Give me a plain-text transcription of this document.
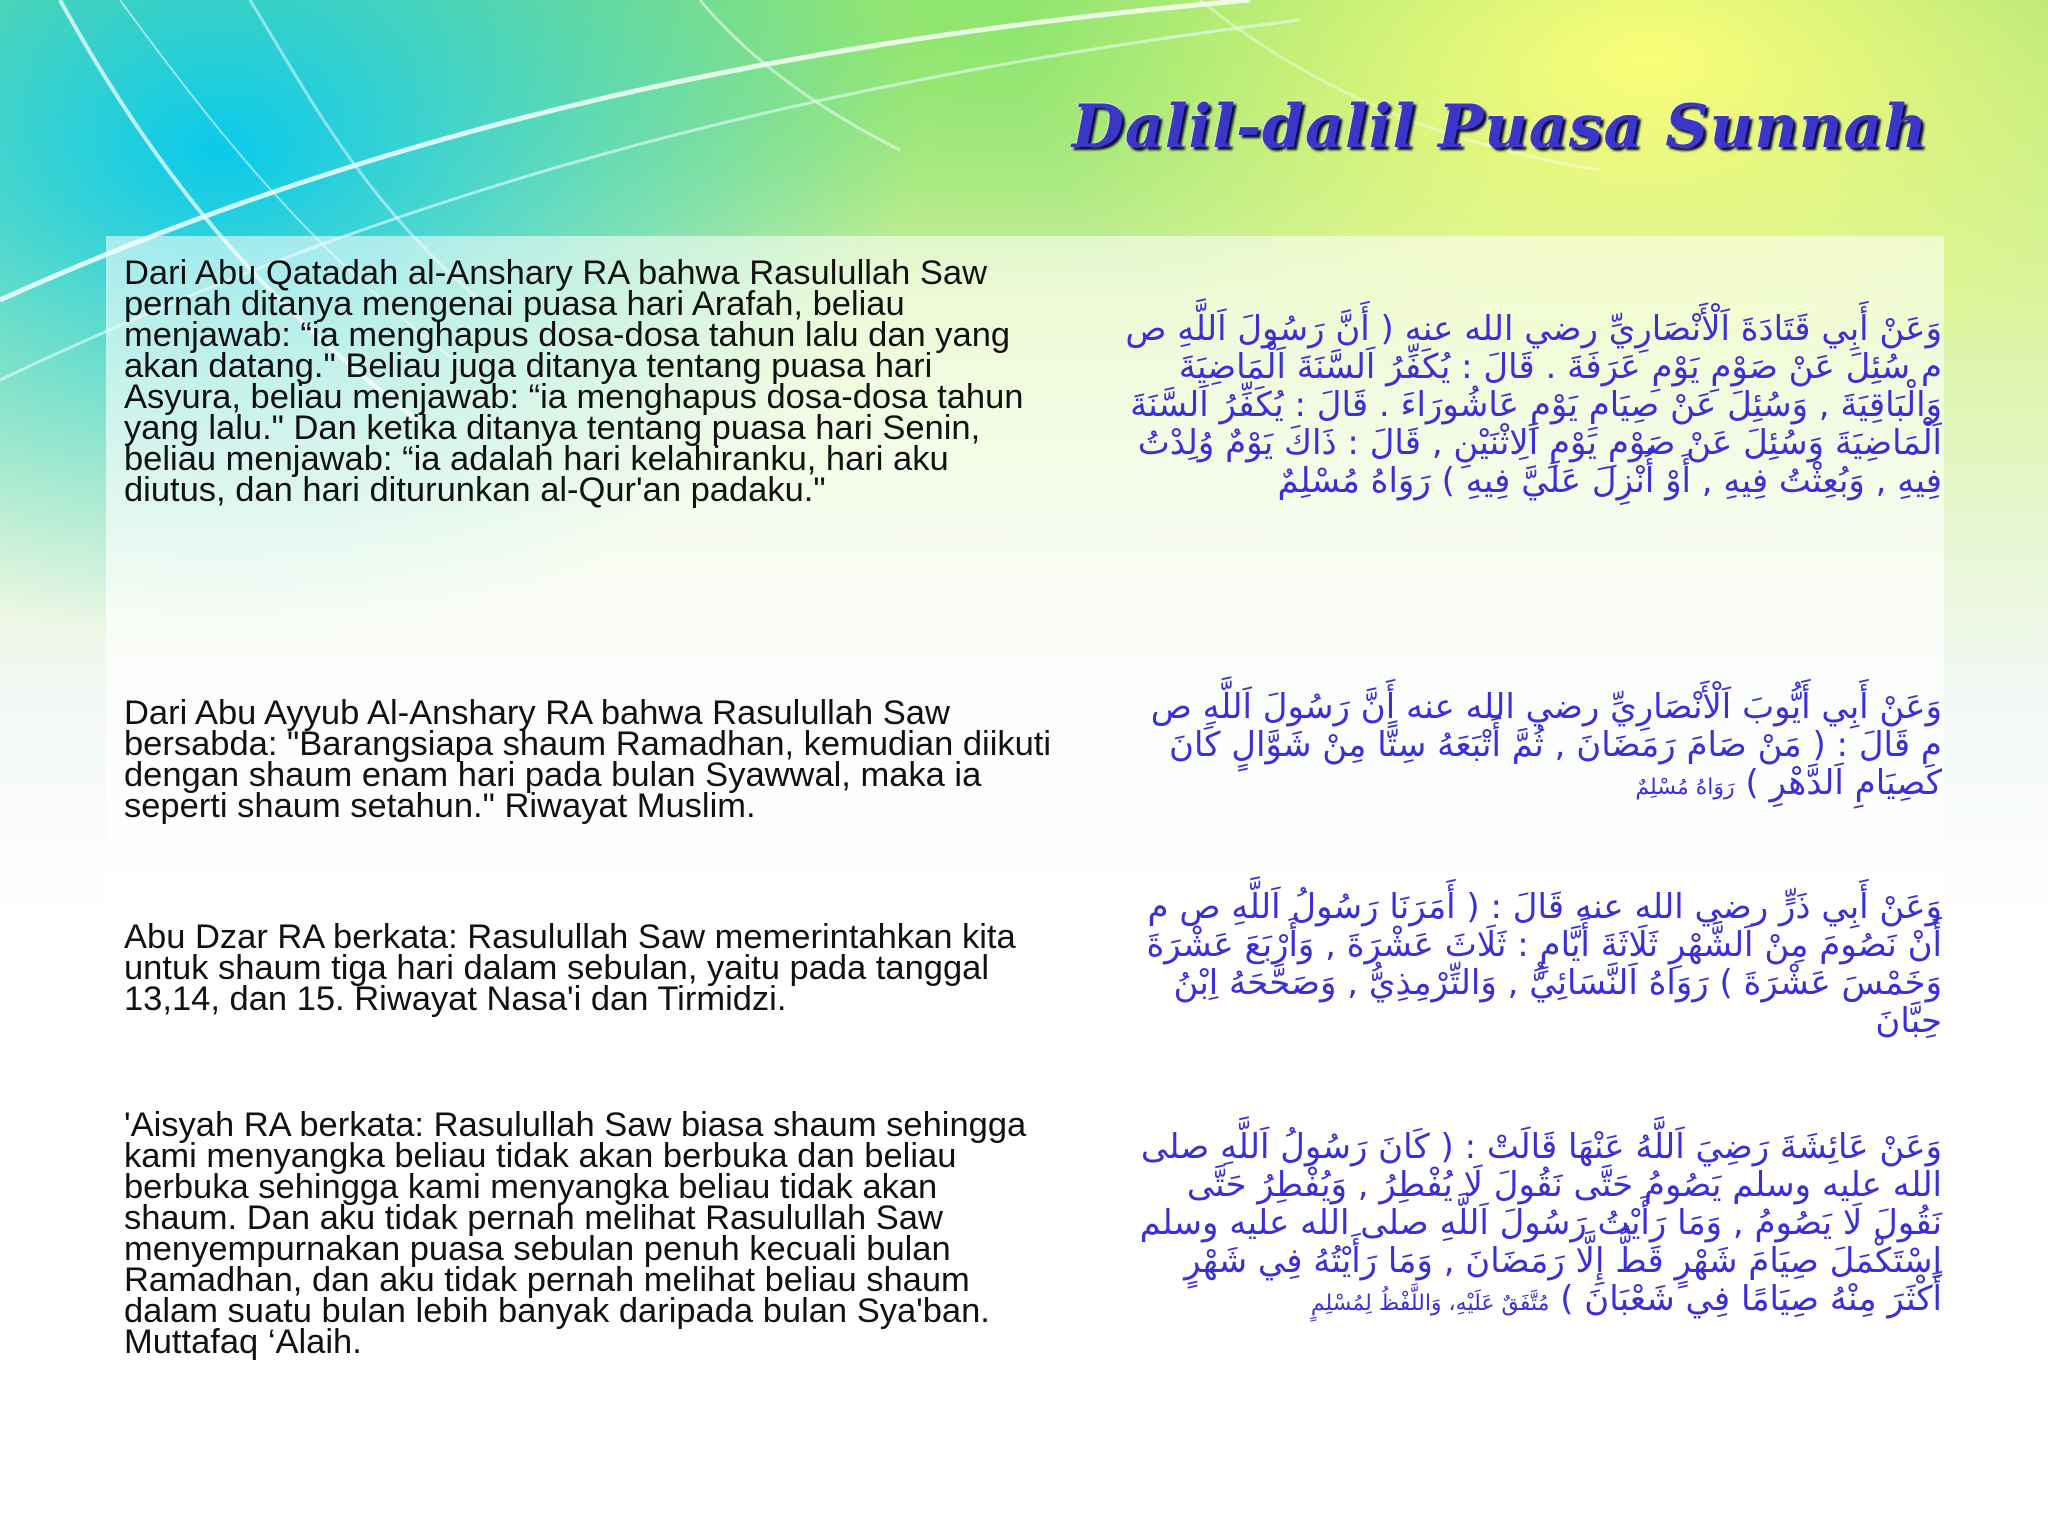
Dalil-dalil Puasa Sunnah

Dari Abu Qatadah al-Anshary RA bahwa Rasulullah Saw pernah ditanya mengenai puasa hari Arafah, beliau menjawab: “ia menghapus dosa-dosa tahun lalu dan yang akan datang." Beliau juga ditanya tentang puasa hari Asyura, beliau menjawab: “ia menghapus dosa-dosa tahun yang lalu." Dan ketika ditanya tentang puasa hari Senin, beliau menjawab: “ia adalah hari kelahiranku, hari aku diutus, dan hari diturunkan al-Qur'an padaku."

وَعَنْ أَبِي قَتَادَةَ اَلْأَنْصَارِيِّ رضي الله عنه ( أَنَّ رَسُولَ اَللَّهِ ص م سُئِلَ عَنْ صَوْمِ يَوْمِ عَرَفَةَ . قَالَ : يُكَفِّرُ اَلسَّنَةَ اَلْمَاضِيَةَ وَالْبَاقِيَةَ , وَسُئِلَ عَنْ صِيَامِ يَوْمِ عَاشُورَاءَ . قَالَ : يُكَفِّرُ اَلسَّنَةَ اَلْمَاضِيَةَ وَسُئِلَ عَنْ صَوْمِ يَوْمِ اَلِاثْنَيْنِ , قَالَ : ذَاكَ يَوْمٌ وُلِدْتُ فِيهِ , وَبُعِثْتُ فِيهِ , أَوْ أُنْزِلَ عَلَيَّ فِيهِ ) رَوَاهُ مُسْلِمٌ

Dari Abu Ayyub Al-Anshary RA bahwa Rasulullah Saw bersabda: "Barangsiapa shaum Ramadhan, kemudian diikuti dengan shaum enam hari pada bulan Syawwal, maka ia seperti shaum setahun." Riwayat Muslim.

وَعَنْ أَبِي أَيُّوبَ اَلْأَنْصَارِيِّ رضي الله عنه أَنَّ رَسُولَ اَللَّهِ ص م قَالَ : ( مَنْ صَامَ رَمَضَانَ , ثُمَّ أَتْبَعَهُ سِتًّا مِنْ شَوَّالٍ كَانَ كَصِيَامِ اَلدَّهْرِ ) رَوَاهُ مُسْلِمٌ

Abu Dzar RA berkata: Rasulullah Saw memerintahkan kita untuk shaum tiga hari dalam sebulan, yaitu pada tanggal 13,14, dan 15. Riwayat Nasa'i dan Tirmidzi.

وَعَنْ أَبِي ذَرٍّ رضي الله عنه قَالَ : ( أَمَرَنَا رَسُولُ اَللَّهِ ص م أَنْ نَصُومَ مِنْ اَلشَّهْرِ ثَلَاثَةَ أَيَّامٍ : ثَلَاثَ عَشْرَةَ , وَأَرْبَعَ عَشْرَةَ وَخَمْسَ عَشْرَةَ ) رَوَاهُ اَلنَّسَائِيُّ , وَالتِّرْمِذِيُّ , وَصَحَّحَهُ اِبْنُ حِبَّانَ

'Aisyah RA berkata: Rasulullah Saw biasa shaum sehingga kami menyangka beliau tidak akan berbuka dan beliau berbuka sehingga kami menyangka beliau tidak akan shaum. Dan aku tidak pernah melihat Rasulullah Saw menyempurnakan puasa sebulan penuh kecuali bulan Ramadhan, dan aku tidak pernah melihat beliau shaum dalam suatu bulan lebih banyak daripada bulan Sya'ban. Muttafaq ‘Alaih.

وَعَنْ عَائِشَةَ رَضِيَ اَللَّهُ عَنْهَا قَالَتْ : ( كَانَ رَسُولُ اَللَّهِ صلى الله عليه وسلم يَصُومُ حَتَّى نَقُولَ لَا يُفْطِرُ , وَيُفْطِرُ حَتَّى نَقُولَ لَا يَصُومُ , وَمَا رَأَيْتُ رَسُولَ اَللَّهِ صلى الله عليه وسلم اِسْتَكْمَلَ صِيَامَ شَهْرٍ قَطُّ إِلَّا رَمَضَانَ , وَمَا رَأَيْتُهُ فِي شَهْرٍ أَكْثَرَ مِنْهُ صِيَامًا فِي شَعْبَانَ ) مُتَّفَقٌ عَلَيْهِ، وَاللَّفْظُ لِمُسْلِمٍ
